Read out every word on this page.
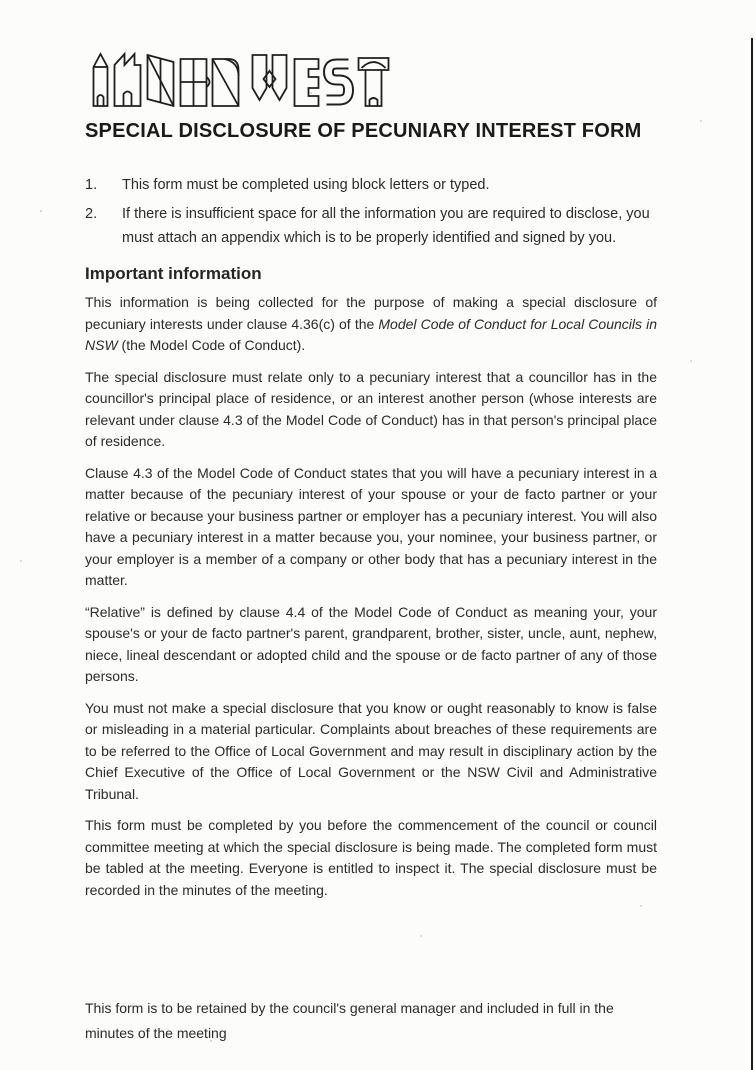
SPECIAL DISCLOSURE OF PECUNIARY INTEREST FORM
1.	This form must be completed using block letters or typed.
2.	If there is insufficient space for all the information you are required to disclose, you must attach an appendix which is to be properly identified and signed by you.
Important information

This information is being collected for the purpose of making a special disclosure of pecuniary interests under clause 4.36(c) of the Model Code of Conduct for Local Councils in NSW (the Model Code of Conduct).

The special disclosure must relate only to a pecuniary interest that a councillor has in the councillor's principal place of residence, or an interest another person (whose interests are relevant under clause 4.3 of the Model Code of Conduct) has in that person's principal place of residence.

Clause 4.3 of the Model Code of Conduct states that you will have a pecuniary interest in a matter because of the pecuniary interest of your spouse or your de facto partner or your relative or because your business partner or employer has a pecuniary interest. You will also have a pecuniary interest in a matter because you, your nominee, your business partner, or your employer is a member of a company or other body that has a pecuniary interest in the matter.

“Relative” is defined by clause 4.4 of the Model Code of Conduct as meaning your, your spouse's or your de facto partner's parent, grandparent, brother, sister, uncle, aunt, nephew, niece, lineal descendant or adopted child and the spouse or de facto partner of any of those persons.

You must not make a special disclosure that you know or ought reasonably to know is false or misleading in a material particular. Complaints about breaches of these requirements are to be referred to the Office of Local Government and may result in disciplinary action by the Chief Executive of the Office of Local Government or the NSW Civil and Administrative Tribunal.

This form must be completed by you before the commencement of the council or council committee meeting at which the special disclosure is being made. The completed form must be tabled at the meeting. Everyone is entitled to inspect it. The special disclosure must be recorded in the minutes of the meeting.

This form is to be retained by the council's general manager and included in full in the minutes of the meeting
